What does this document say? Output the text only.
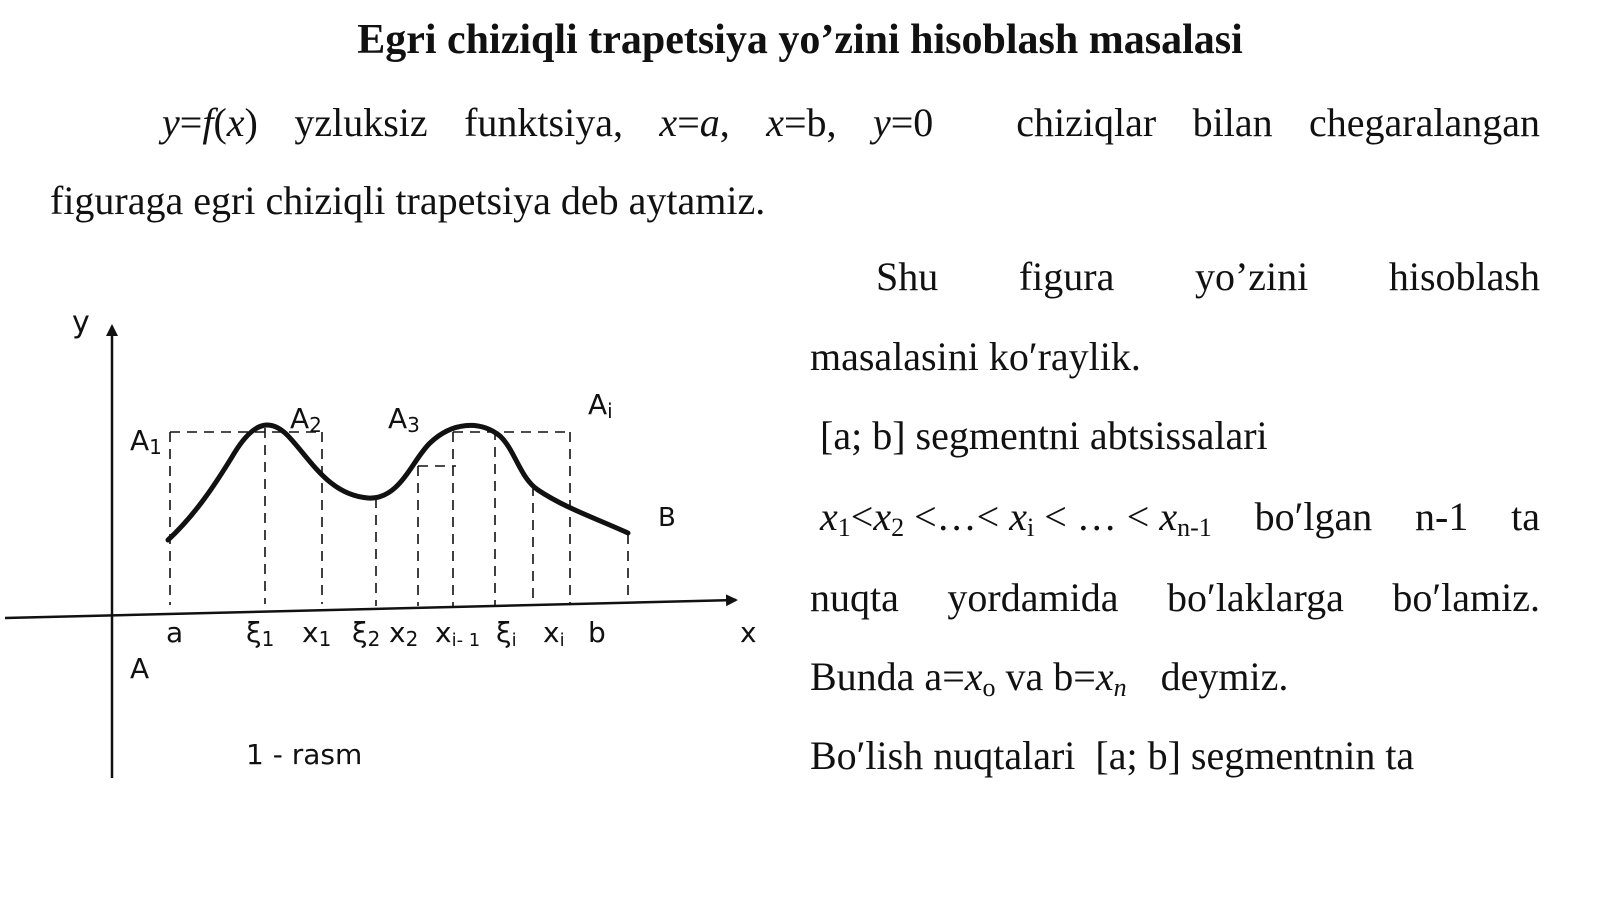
Egri chiziqli trapetsiya yo’zini hisoblash masalasi
y=f(x) yzluksiz funktsiya, x=a, x=b, y=0 chiziqlar bilan chegaralangan
figuraga egri chiziqli trapetsiya deb aytamiz.
Shu figura yo’zini hisoblash
masalasini koʹraylik.
[a; b] segmentni abtsissalari
$x_1<x_2$ <…< $x_i$ < … < $x_{n-1}$ boʹlgan n-1 ta
nuqta yordamida boʹlaklarga boʹlamiz.
Bunda $a=x_o$ va $b=x_n$ deymiz.
Boʹlish nuqtalari  [a; b] segmentnin ta
y
x
A1
A2 A3
Ai
B
A
a ξ1 x1 ξ2 x2 xi- 1 ξi xi b
1 - rasm
